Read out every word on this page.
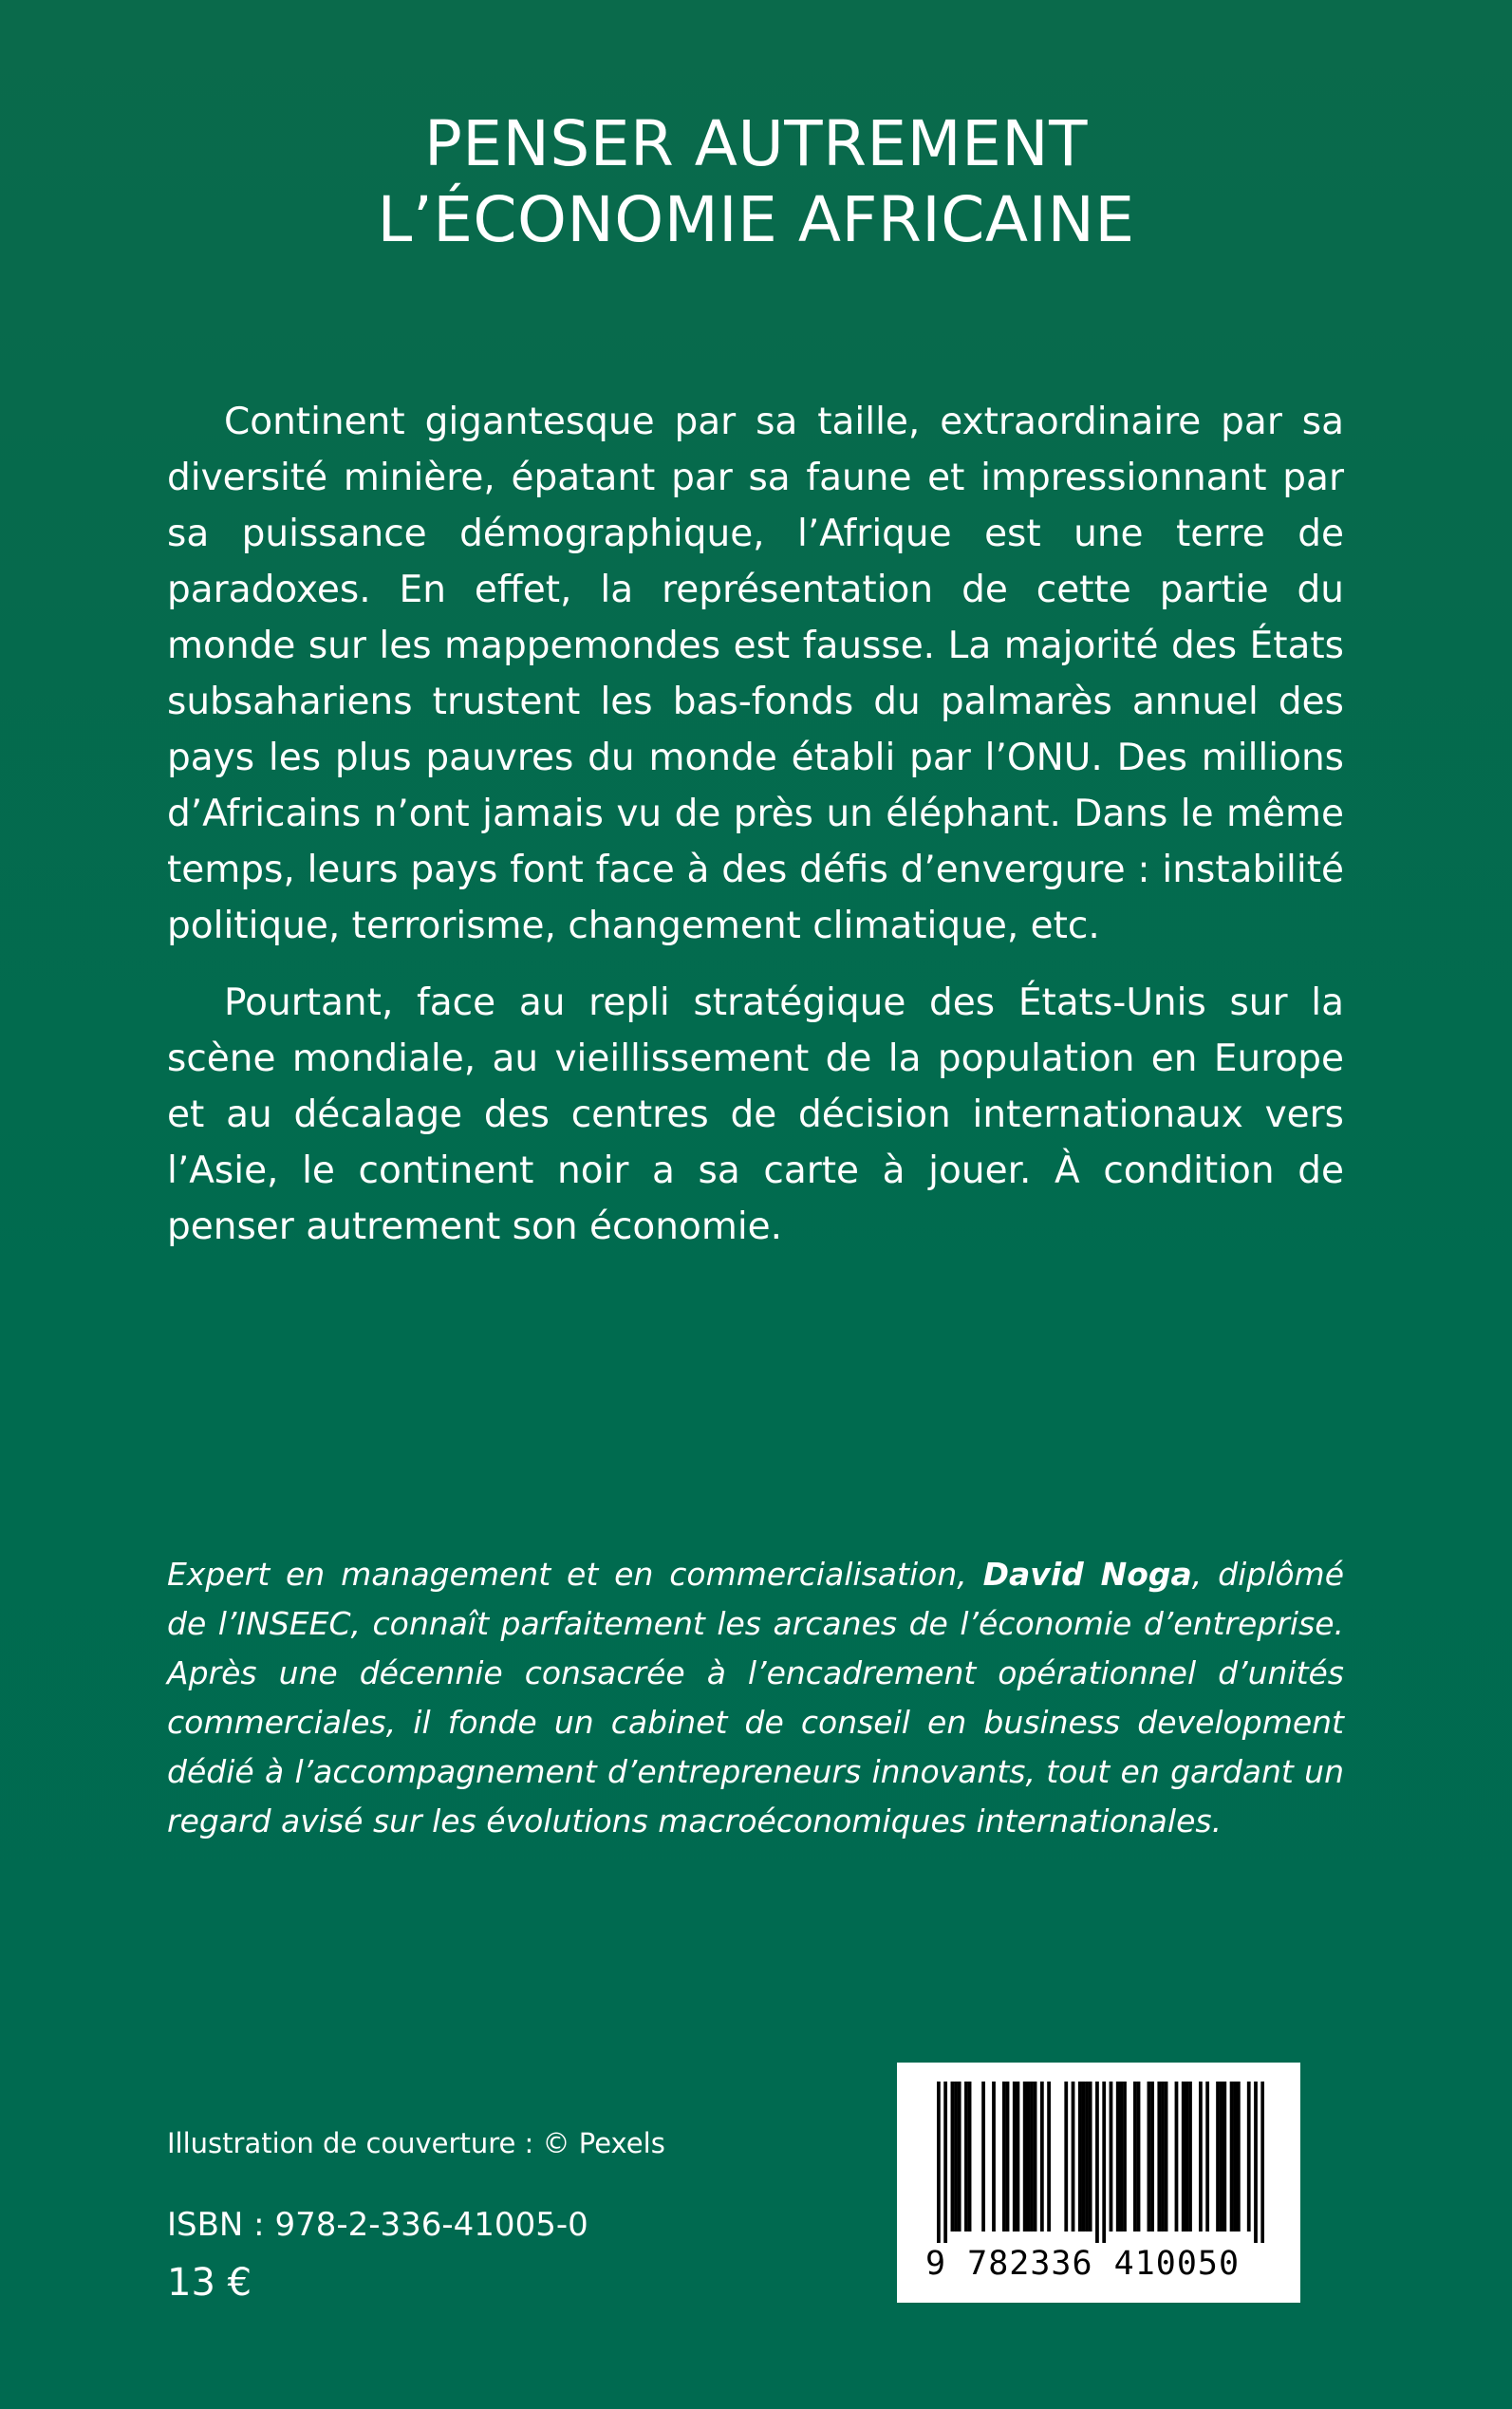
PENSER AUTREMENT
L’ÉCONOMIE AFRICAINE

Continent gigantesque par sa taille, extraordinaire par sa diversité minière, épatant par sa faune et impressionnant par sa puissance démographique, l’Afrique est une terre de paradoxes. En effet, la représentation de cette partie du monde sur les mappemondes est fausse. La majorité des États subsahariens trustent les bas-fonds du palmarès annuel des pays les plus pauvres du monde établi par l’ONU. Des millions d’Africains n’ont jamais vu de près un éléphant. Dans le même temps, leurs pays font face à des défis d’envergure : instabilité politique, terrorisme, changement climatique, etc.

Pourtant, face au repli stratégique des États-Unis sur la scène mondiale, au vieillissement de la population en Europe et au décalage des centres de décision internationaux vers l’Asie, le continent noir a sa carte à jouer. À condition de penser autrement son économie.

Expert en management et en commercialisation, David Noga, diplômé de l’INSEEC, connaît parfaitement les arcanes de l’économie d’entreprise. Après une décennie consacrée à l’encadrement opérationnel d’unités commerciales, il fonde un cabinet de conseil en business development dédié à l’accompagnement d’entrepreneurs innovants, tout en gardant un regard avisé sur les évolutions macroéconomiques internationales.

Illustration de couverture : © Pexels
ISBN : 978-2-336-41005-0
13 €	9 782336 410050
